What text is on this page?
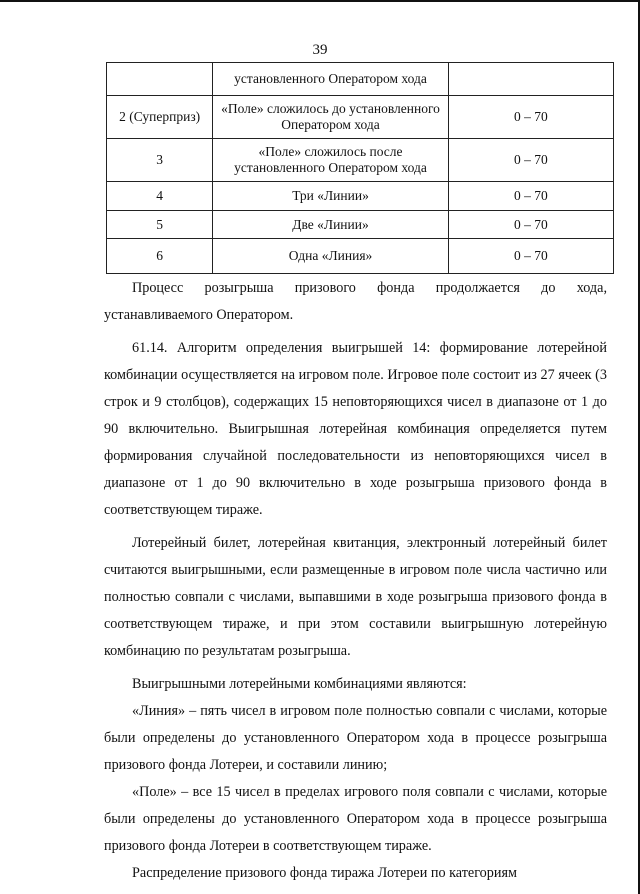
39
	установленного Оператором хода	
2 (Суперприз)	«Поле» сложилось до установленного Оператором хода	0 – 70
3	«Поле» сложилось после установленного Оператором хода	0 – 70
4	Три «Линии»	0 – 70
5	Две «Линии»	0 – 70
6	Одна «Линия»	0 – 70

Процесс розыгрыша призового фонда продолжается до хода, устанавливаемого Оператором.

61.14. Алгоритм определения выигрышей 14: формирование лотерейной комбинации осуществляется на игровом поле. Игровое поле состоит из 27 ячеек (3 строк и 9 столбцов), содержащих 15 неповторяющихся чисел в диапазоне от 1 до 90 включительно. Выигрышная лотерейная комбинация определяется путем формирования случайной последовательности из неповторяющихся чисел в диапазоне от 1 до 90 включительно в ходе розыгрыша призового фонда в соответствующем тираже.

Лотерейный билет, лотерейная квитанция, электронный лотерейный билет считаются выигрышными, если размещенные в игровом поле числа частично или полностью совпали с числами, выпавшими в ходе розыгрыша призового фонда в соответствующем тираже, и при этом составили выигрышную лотерейную комбинацию по результатам розыгрыша.

Выигрышными лотерейными комбинациями являются:

«Линия» – пять чисел в игровом поле полностью совпали с числами, которые были определены до установленного Оператором хода в процессе розыгрыша призового фонда Лотереи, и составили линию;

«Поле» – все 15 чисел в пределах игрового поля совпали с числами, которые были определены до установленного Оператором хода в процессе розыгрыша призового фонда Лотереи в соответствующем тираже.

Распределение призового фонда тиража Лотереи по категориям
